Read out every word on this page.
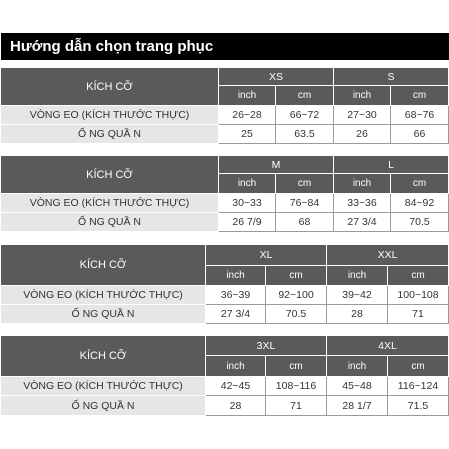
Hướng dẫn chọn trang phục
KÍCH CỠ	XS		S	
	inch	cm	inch	cm
VÒNG EO (KÍCH THƯỚC THỰC)	26~28	66~72	27~30	68~76
Ố NG QUẦ N	25	63.5	26	66
KÍCH CỠ	M		L	
	inch	cm	inch	cm
VÒNG EO (KÍCH THƯỚC THỰC)	30~33	76~84	33~36	84~92
Ố NG QUẦ N	26 7/9	68	27 3/4	70.5
KÍCH CỠ	XL		XXL	
	inch	cm	inch	cm
VÒNG EO (KÍCH THƯỚC THỰC)	36~39	92~100	39~42	100~108
Ố NG QUẦ N	27 3/4	70.5	28	71
KÍCH CỠ	3XL		4XL	
	inch	cm	inch	cm
VÒNG EO (KÍCH THƯỚC THỰC)	42~45	108~116	45~48	116~124
Ố NG QUẦ N	28	71	28 1/7	71.5
